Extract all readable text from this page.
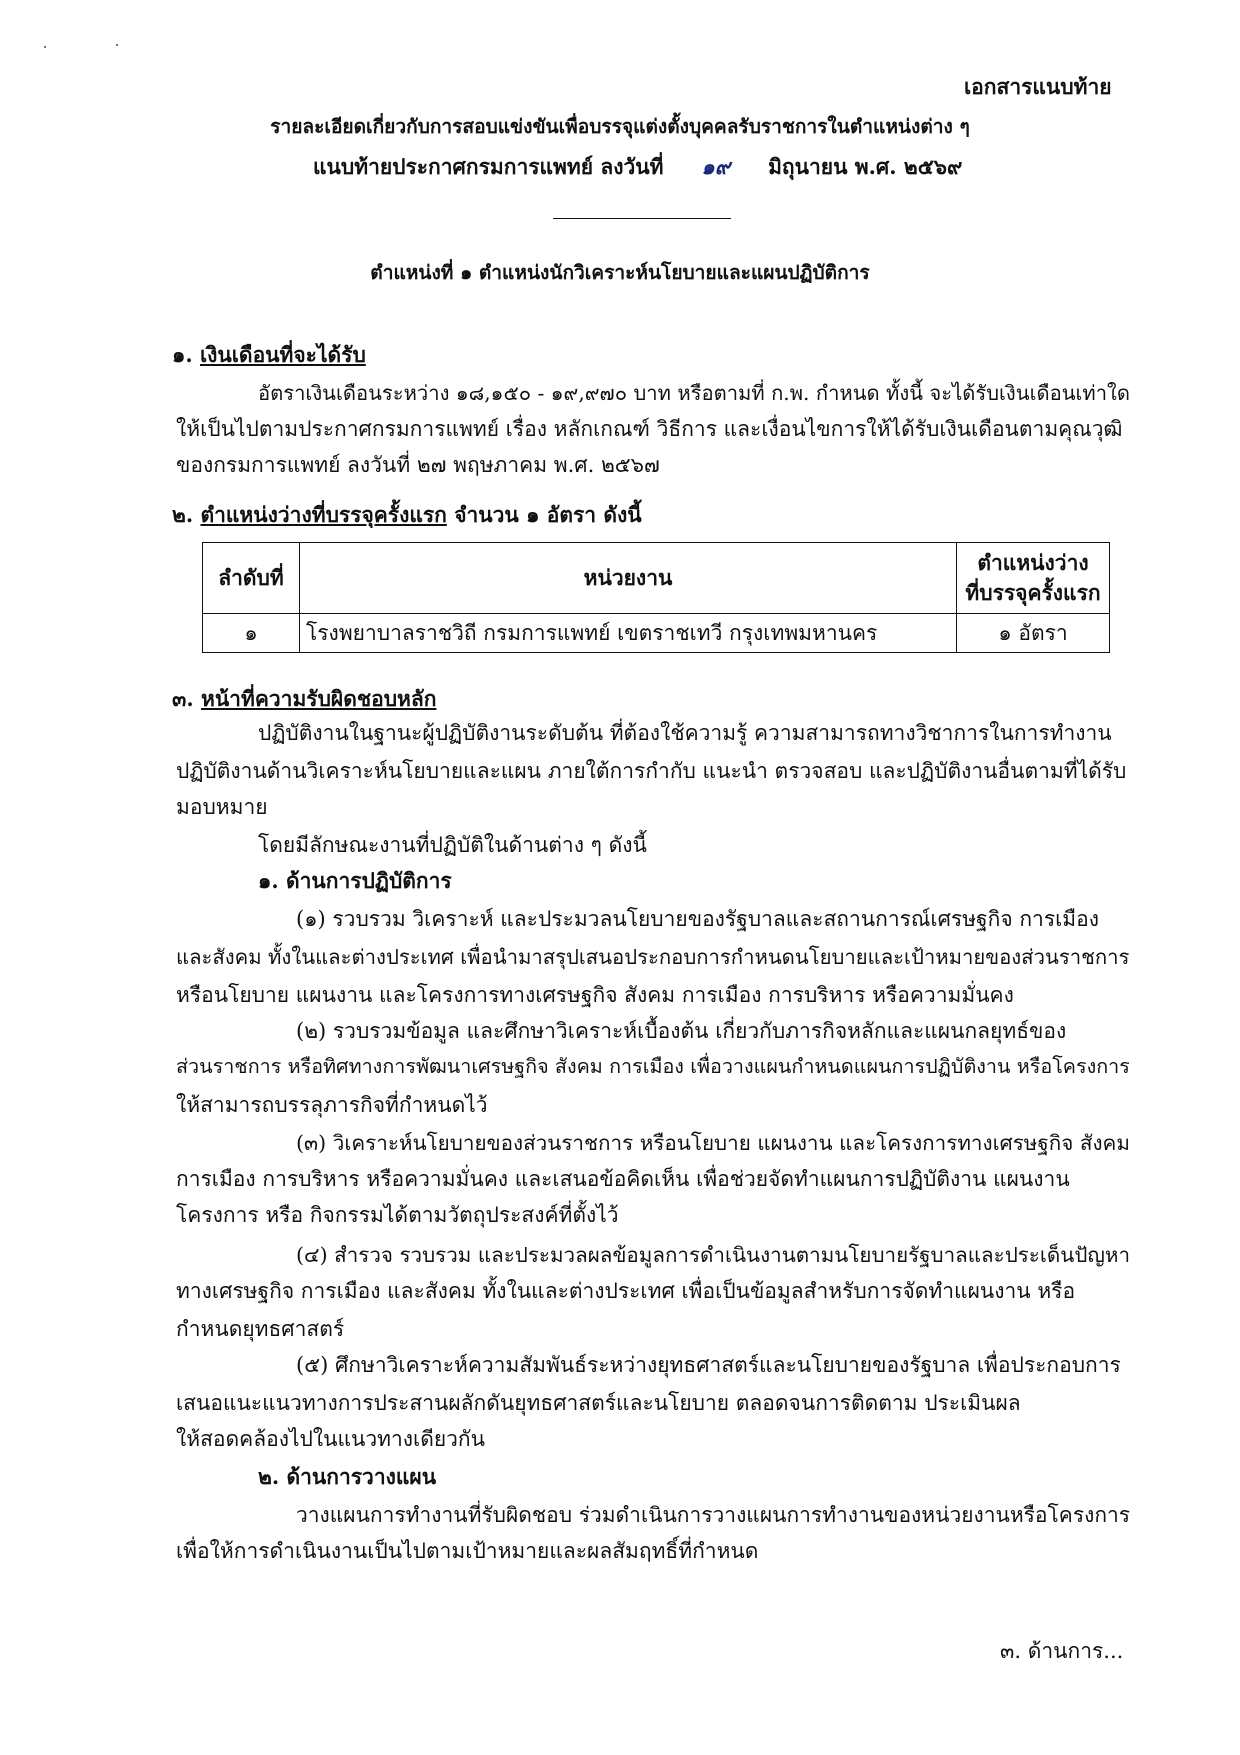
เอกสารแนบท้าย
รายละเอียดเกี่ยวกับการสอบแข่งขันเพื่อบรรจุแต่งตั้งบุคคลรับราชการในตำแหน่งต่าง ๆ
แนบท้ายประกาศกรมการแพทย์ ลงวันที่ ๑๙ มิถุนายน พ.ศ. ๒๕๖๙
ตำแหน่งที่ ๑ ตำแหน่งนักวิเคราะห์นโยบายและแผนปฏิบัติการ
๑. เงินเดือนที่จะได้รับ
อัตราเงินเดือนระหว่าง ๑๘,๑๕๐ - ๑๙,๙๗๐ บาท หรือตามที่ ก.พ. กำหนด ทั้งนี้ จะได้รับเงินเดือนเท่าใด
ให้เป็นไปตามประกาศกรมการแพทย์ เรื่อง หลักเกณฑ์ วิธีการ และเงื่อนไขการให้ได้รับเงินเดือนตามคุณวุฒิ
ของกรมการแพทย์ ลงวันที่ ๒๗ พฤษภาคม พ.ศ. ๒๕๖๗
๒. ตำแหน่งว่างที่บรรจุครั้งแรก จำนวน ๑ อัตรา ดังนี้
ลำดับที่	หน่วยงาน	ตำแหน่งว่าง
ที่บรรจุครั้งแรก

๑	โรงพยาบาลราชวิถี กรมการแพทย์ เขตราชเทวี กรุงเทพมหานคร	๑ อัตรา
๓. หน้าที่ความรับผิดชอบหลัก
ปฏิบัติงานในฐานะผู้ปฏิบัติงานระดับต้น ที่ต้องใช้ความรู้ ความสามารถทางวิชาการในการทำงาน
ปฏิบัติงานด้านวิเคราะห์นโยบายและแผน ภายใต้การกำกับ แนะนำ ตรวจสอบ และปฏิบัติงานอื่นตามที่ได้รับ
มอบหมาย
โดยมีลักษณะงานที่ปฏิบัติในด้านต่าง ๆ ดังนี้
๑. ด้านการปฏิบัติการ
(๑) รวบรวม วิเคราะห์ และประมวลนโยบายของรัฐบาลและสถานการณ์เศรษฐกิจ การเมือง
และสังคม ทั้งในและต่างประเทศ เพื่อนำมาสรุปเสนอประกอบการกำหนดนโยบายและเป้าหมายของส่วนราชการ
หรือนโยบาย แผนงาน และโครงการทางเศรษฐกิจ สังคม การเมือง การบริหาร หรือความมั่นคง
(๒) รวบรวมข้อมูล และศึกษาวิเคราะห์เบื้องต้น เกี่ยวกับภารกิจหลักและแผนกลยุทธ์ของ
ส่วนราชการ หรือทิศทางการพัฒนาเศรษฐกิจ สังคม การเมือง เพื่อวางแผนกำหนดแผนการปฏิบัติงาน หรือโครงการ
ให้สามารถบรรลุภารกิจที่กำหนดไว้
(๓) วิเคราะห์นโยบายของส่วนราชการ หรือนโยบาย แผนงาน และโครงการทางเศรษฐกิจ สังคม
การเมือง การบริหาร หรือความมั่นคง และเสนอข้อคิดเห็น เพื่อช่วยจัดทำแผนการปฏิบัติงาน แผนงาน
โครงการ หรือ กิจกรรมได้ตามวัตถุประสงค์ที่ตั้งไว้
(๔) สำรวจ รวบรวม และประมวลผลข้อมูลการดำเนินงานตามนโยบายรัฐบาลและประเด็นปัญหา
ทางเศรษฐกิจ การเมือง และสังคม ทั้งในและต่างประเทศ เพื่อเป็นข้อมูลสำหรับการจัดทำแผนงาน หรือ
กำหนดยุทธศาสตร์
(๕) ศึกษาวิเคราะห์ความสัมพันธ์ระหว่างยุทธศาสตร์และนโยบายของรัฐบาล เพื่อประกอบการ
เสนอแนะแนวทางการประสานผลักดันยุทธศาสตร์และนโยบาย ตลอดจนการติดตาม ประเมินผล
ให้สอดคล้องไปในแนวทางเดียวกัน
๒. ด้านการวางแผน
วางแผนการทำงานที่รับผิดชอบ ร่วมดำเนินการวางแผนการทำงานของหน่วยงานหรือโครงการ
เพื่อให้การดำเนินงานเป็นไปตามเป้าหมายและผลสัมฤทธิ์ที่กำหนด
๓. ด้านการ...
